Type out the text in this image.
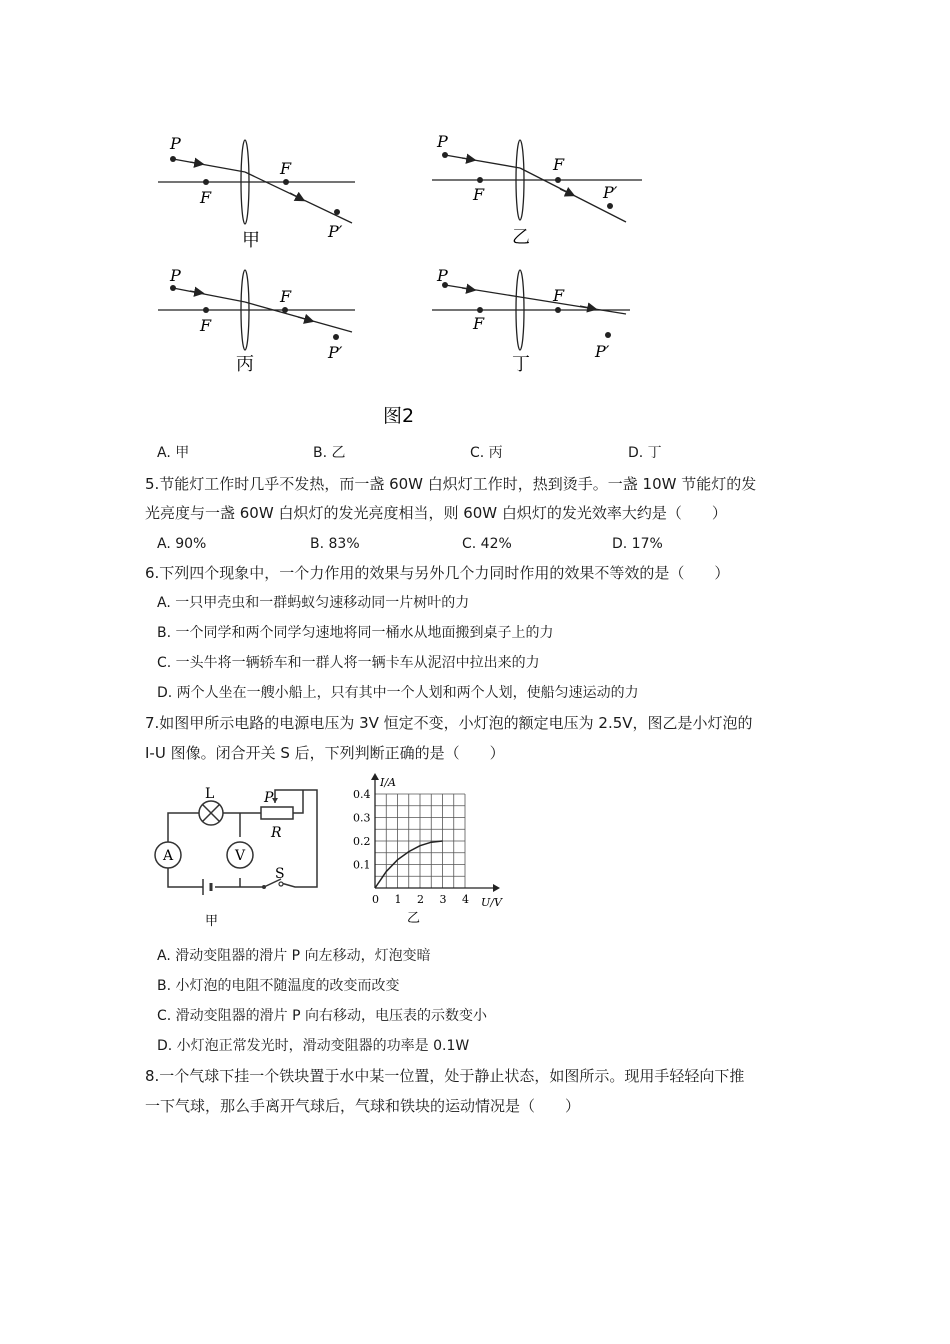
P
F
F
P′
甲
P
F
F
P′
乙
P
F
F
P′
丙
P
F
F
P′
丁
图2
A. 甲	B. 乙	C. 丙	D. 丁
5.节能灯工作时几乎不发热，而一盏 60W 白炽灯工作时，热到烫手。一盏 10W 节能灯的发
光亮度与一盏 60W 白炽灯的发光亮度相当，则 60W 白炽灯的发光效率大约是（　　）
A. 90%	B. 83%	C. 42%	D. 17%
6.下列四个现象中，一个力作用的效果与另外几个力同时作用的效果不等效的是（　　）
A. 一只甲壳虫和一群蚂蚁匀速移动同一片树叶的力
B. 一个同学和两个同学匀速地将同一桶水从地面搬到桌子上的力
C. 一头牛将一辆轿车和一群人将一辆卡车从泥沼中拉出来的力
D. 两个人坐在一艘小船上，只有其中一个人划和两个人划，使船匀速运动的力
7.如图甲所示电路的电源电压为 3V 恒定不变，小灯泡的额定电压为 2.5V，图乙是小灯泡的
I-U 图像。闭合开关 S 后，下列判断正确的是（　　）
L	P
R
A	V
S
甲
0 1 2 3 4
0.1
0.2
0.3
0.4
I/A
U/V
乙
A. 滑动变阻器的滑片 P 向左移动，灯泡变暗
B. 小灯泡的电阻不随温度的改变而改变
C. 滑动变阻器的滑片 P 向右移动，电压表的示数变小
D. 小灯泡正常发光时，滑动变阻器的功率是 0.1W
8.一个气球下挂一个铁块置于水中某一位置，处于静止状态，如图所示。现用手轻轻向下推
一下气球，那么手离开气球后，气球和铁块的运动情况是（　　）
